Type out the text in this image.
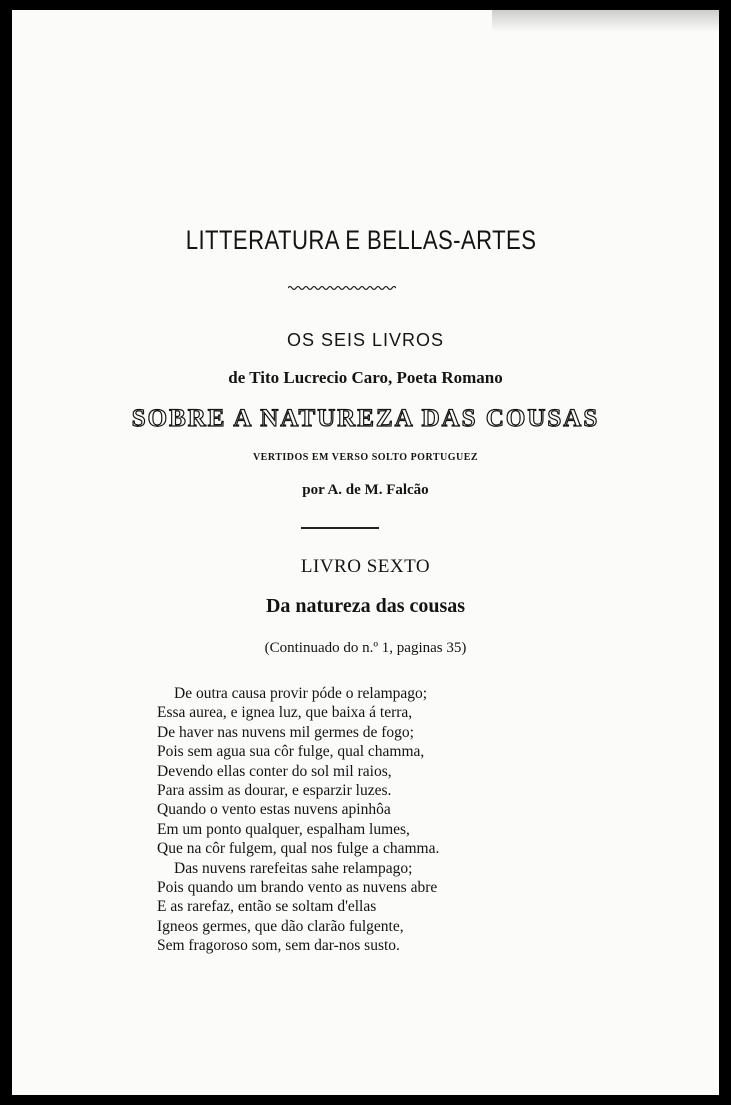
LITTERATURA E BELLAS-ARTES
OS SEIS LIVROS
de Tito Lucrecio Caro, Poeta Romano
SOBRE A NATUREZA DAS COUSAS
VERTIDOS EM VERSO SOLTO PORTUGUEZ
por A. de M. Falcão
LIVRO SEXTO
Da natureza das cousas
(Continuado do n.º 1, paginas 35)
De outra causa provir póde o relampago;
Essa aurea, e ignea luz, que baixa á terra,
De haver nas nuvens mil germes de fogo;
Pois sem agua sua côr fulge, qual chamma,
Devendo ellas conter do sol mil raios,
Para assim as dourar, e esparzir luzes.
Quando o vento estas nuvens apinhôa
Em um ponto qualquer, espalham lumes,
Que na côr fulgem, qual nos fulge a chamma.
Das nuvens rarefeitas sahe relampago;
Pois quando um brando vento as nuvens abre
E as rarefaz, então se soltam d'ellas
Igneos germes, que dão clarão fulgente,
Sem fragoroso som, sem dar-nos susto.
